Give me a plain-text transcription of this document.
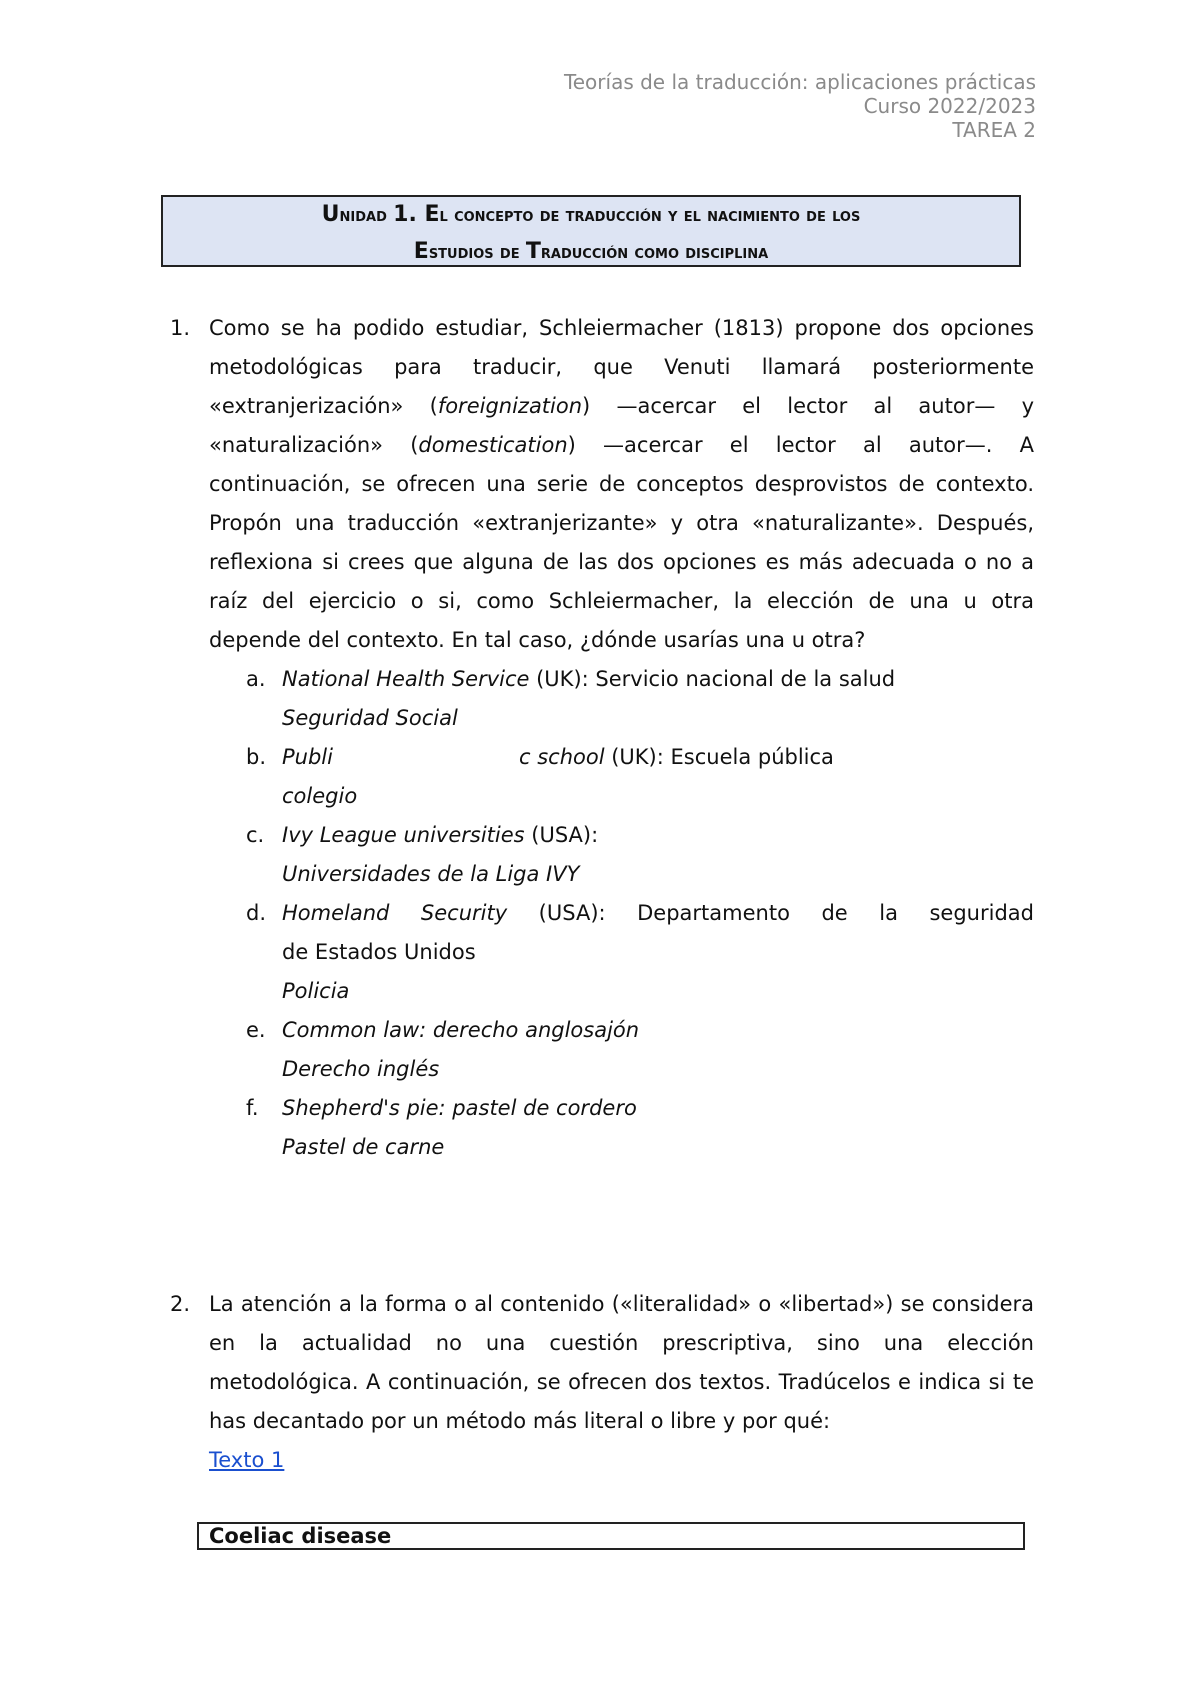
Teorías de la traducción: aplicaciones prácticas
Curso 2022/2023
TAREA 2
Unidad 1. El concepto de traducción y el nacimiento de los
Estudios de Traducción como disciplina
1. Como se ha podido estudiar, Schleiermacher (1813) propone dos opciones metodológicas para traducir, que Venuti llamará posteriormente «extranjerización» (foreignization) —acercar el lector al autor— y «naturalización» (domestication) —acercar el lector al autor—. A continuación, se ofrecen una serie de conceptos desprovistos de contexto. Propón una traducción «extranjerizante» y otra «naturalizante». Después, reflexiona si crees que alguna de las dos opciones es más adecuada o no a raíz del ejercicio o si, como Schleiermacher, la elección de una u otra depende del contexto. En tal caso, ¿dónde usarías una u otra?
a. National Health Service (UK): Servicio nacional de la salud
Seguridad Social
b. Publi	c school (UK): Escuela pública
colegio
c. Ivy League universities (USA):
Universidades de la Liga IVY
d. Homeland Security (USA): Departamento de la seguridad
de Estados Unidos
Policia
e. Common law: derecho anglosajón
Derecho inglés
f. Shepherd's pie: pastel de cordero
Pastel de carne
2. La atención a la forma o al contenido («literalidad» o «libertad») se considera en la actualidad no una cuestión prescriptiva, sino una elección metodológica. A continuación, se ofrecen dos textos. Tradúcelos e indica si te has decantado por un método más literal o libre y por qué:
Texto 1
Coeliac disease
